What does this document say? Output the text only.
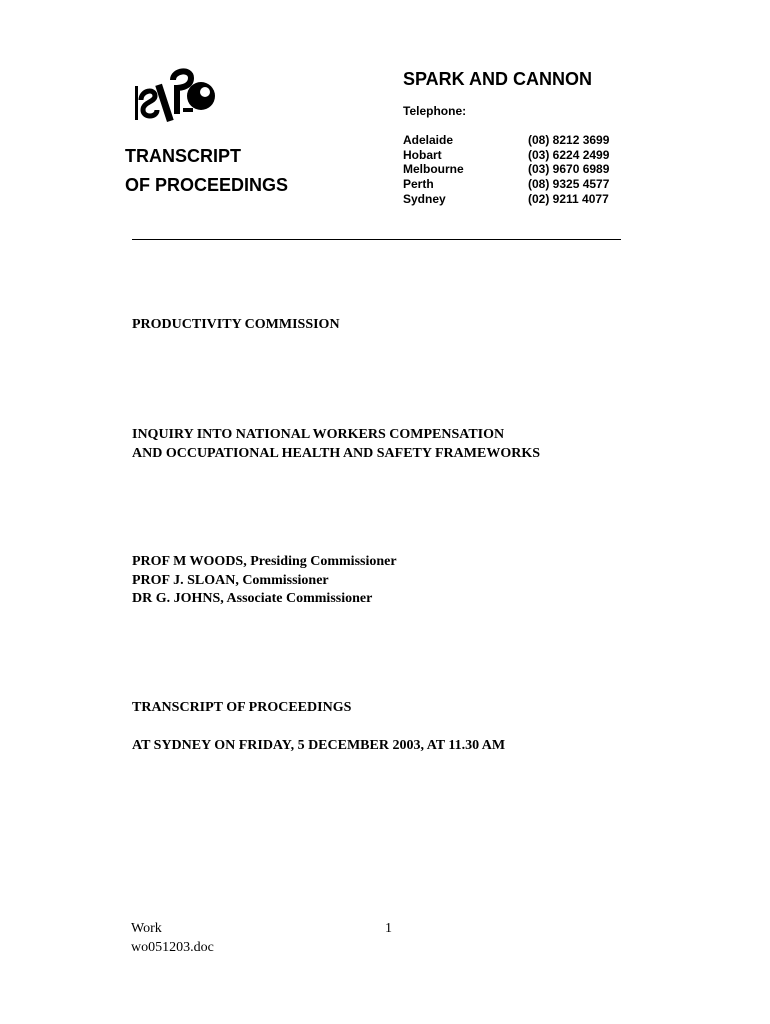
TRANSCRIPT
OF PROCEEDINGS
SPARK AND CANNON
Telephone:
Adelaide	(08) 8212 3699
Hobart	(03) 6224 2499
Melbourne	(03) 9670 6989
Perth	(08) 9325 4577
Sydney	(02) 9211 4077
PRODUCTIVITY COMMISSION
INQUIRY INTO NATIONAL WORKERS COMPENSATION
AND OCCUPATIONAL HEALTH AND SAFETY FRAMEWORKS
PROF M WOODS, Presiding Commissioner
PROF J. SLOAN, Commissioner
DR G. JOHNS, Associate Commissioner
TRANSCRIPT OF PROCEEDINGS
AT SYDNEY ON FRIDAY, 5 DECEMBER 2003, AT 11.30 AM
Work
wo051203.doc
1
